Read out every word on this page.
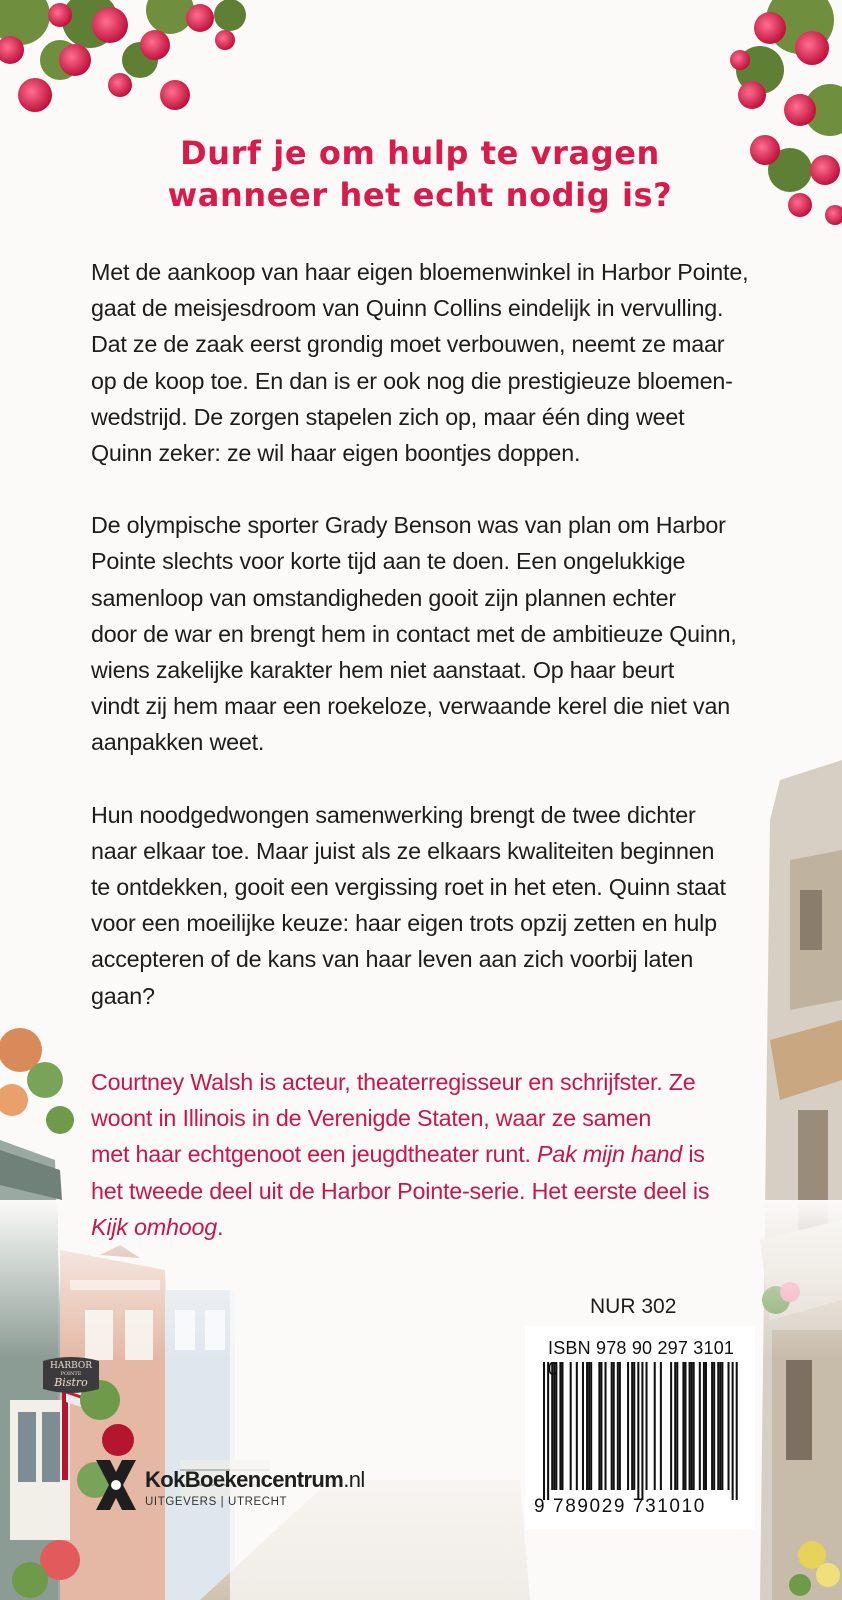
HARBOR
POINTE
Bistro
Durf je om hulp te vragen
wanneer het echt nodig is?

Met de aankoop van haar eigen bloemenwinkel in Harbor Pointe,
gaat de meisjesdroom van Quinn Collins eindelijk in vervulling.
Dat ze de zaak eerst grondig moet verbouwen, neemt ze maar
op de koop toe. En dan is er ook nog die prestigieuze bloemen-
wedstrijd. De zorgen stapelen zich op, maar één ding weet
Quinn zeker: ze wil haar eigen boontjes doppen.

De olympische sporter Grady Benson was van plan om Harbor
Pointe slechts voor korte tijd aan te doen. Een ongelukkige
samenloop van omstandigheden gooit zijn plannen echter
door de war en brengt hem in contact met de ambitieuze Quinn,
wiens zakelijke karakter hem niet aanstaat. Op haar beurt
vindt zij hem maar een roekeloze, verwaande kerel die niet van
aanpakken weet.

Hun noodgedwongen samenwerking brengt de twee dichter
naar elkaar toe. Maar juist als ze elkaars kwaliteiten beginnen
te ontdekken, gooit een vergissing roet in het eten. Quinn staat
voor een moeilijke keuze: haar eigen trots opzij zetten en hulp
accepteren of de kans van haar leven aan zich voorbij laten
gaan?

Courtney Walsh is acteur, theaterregisseur en schrijfster. Ze
woont in Illinois in de Verenigde Staten, waar ze samen
met haar echtgenoot een jeugdtheater runt. Pak mijn hand is
het tweede deel uit de Harbor Pointe-serie. Het eerste deel is
Kijk omhoog.
NUR 302
ISBN 978 90 297 3101
9 789029 731010
KokBoekencentrum.nl
UITGEVERS | UTRECHT
